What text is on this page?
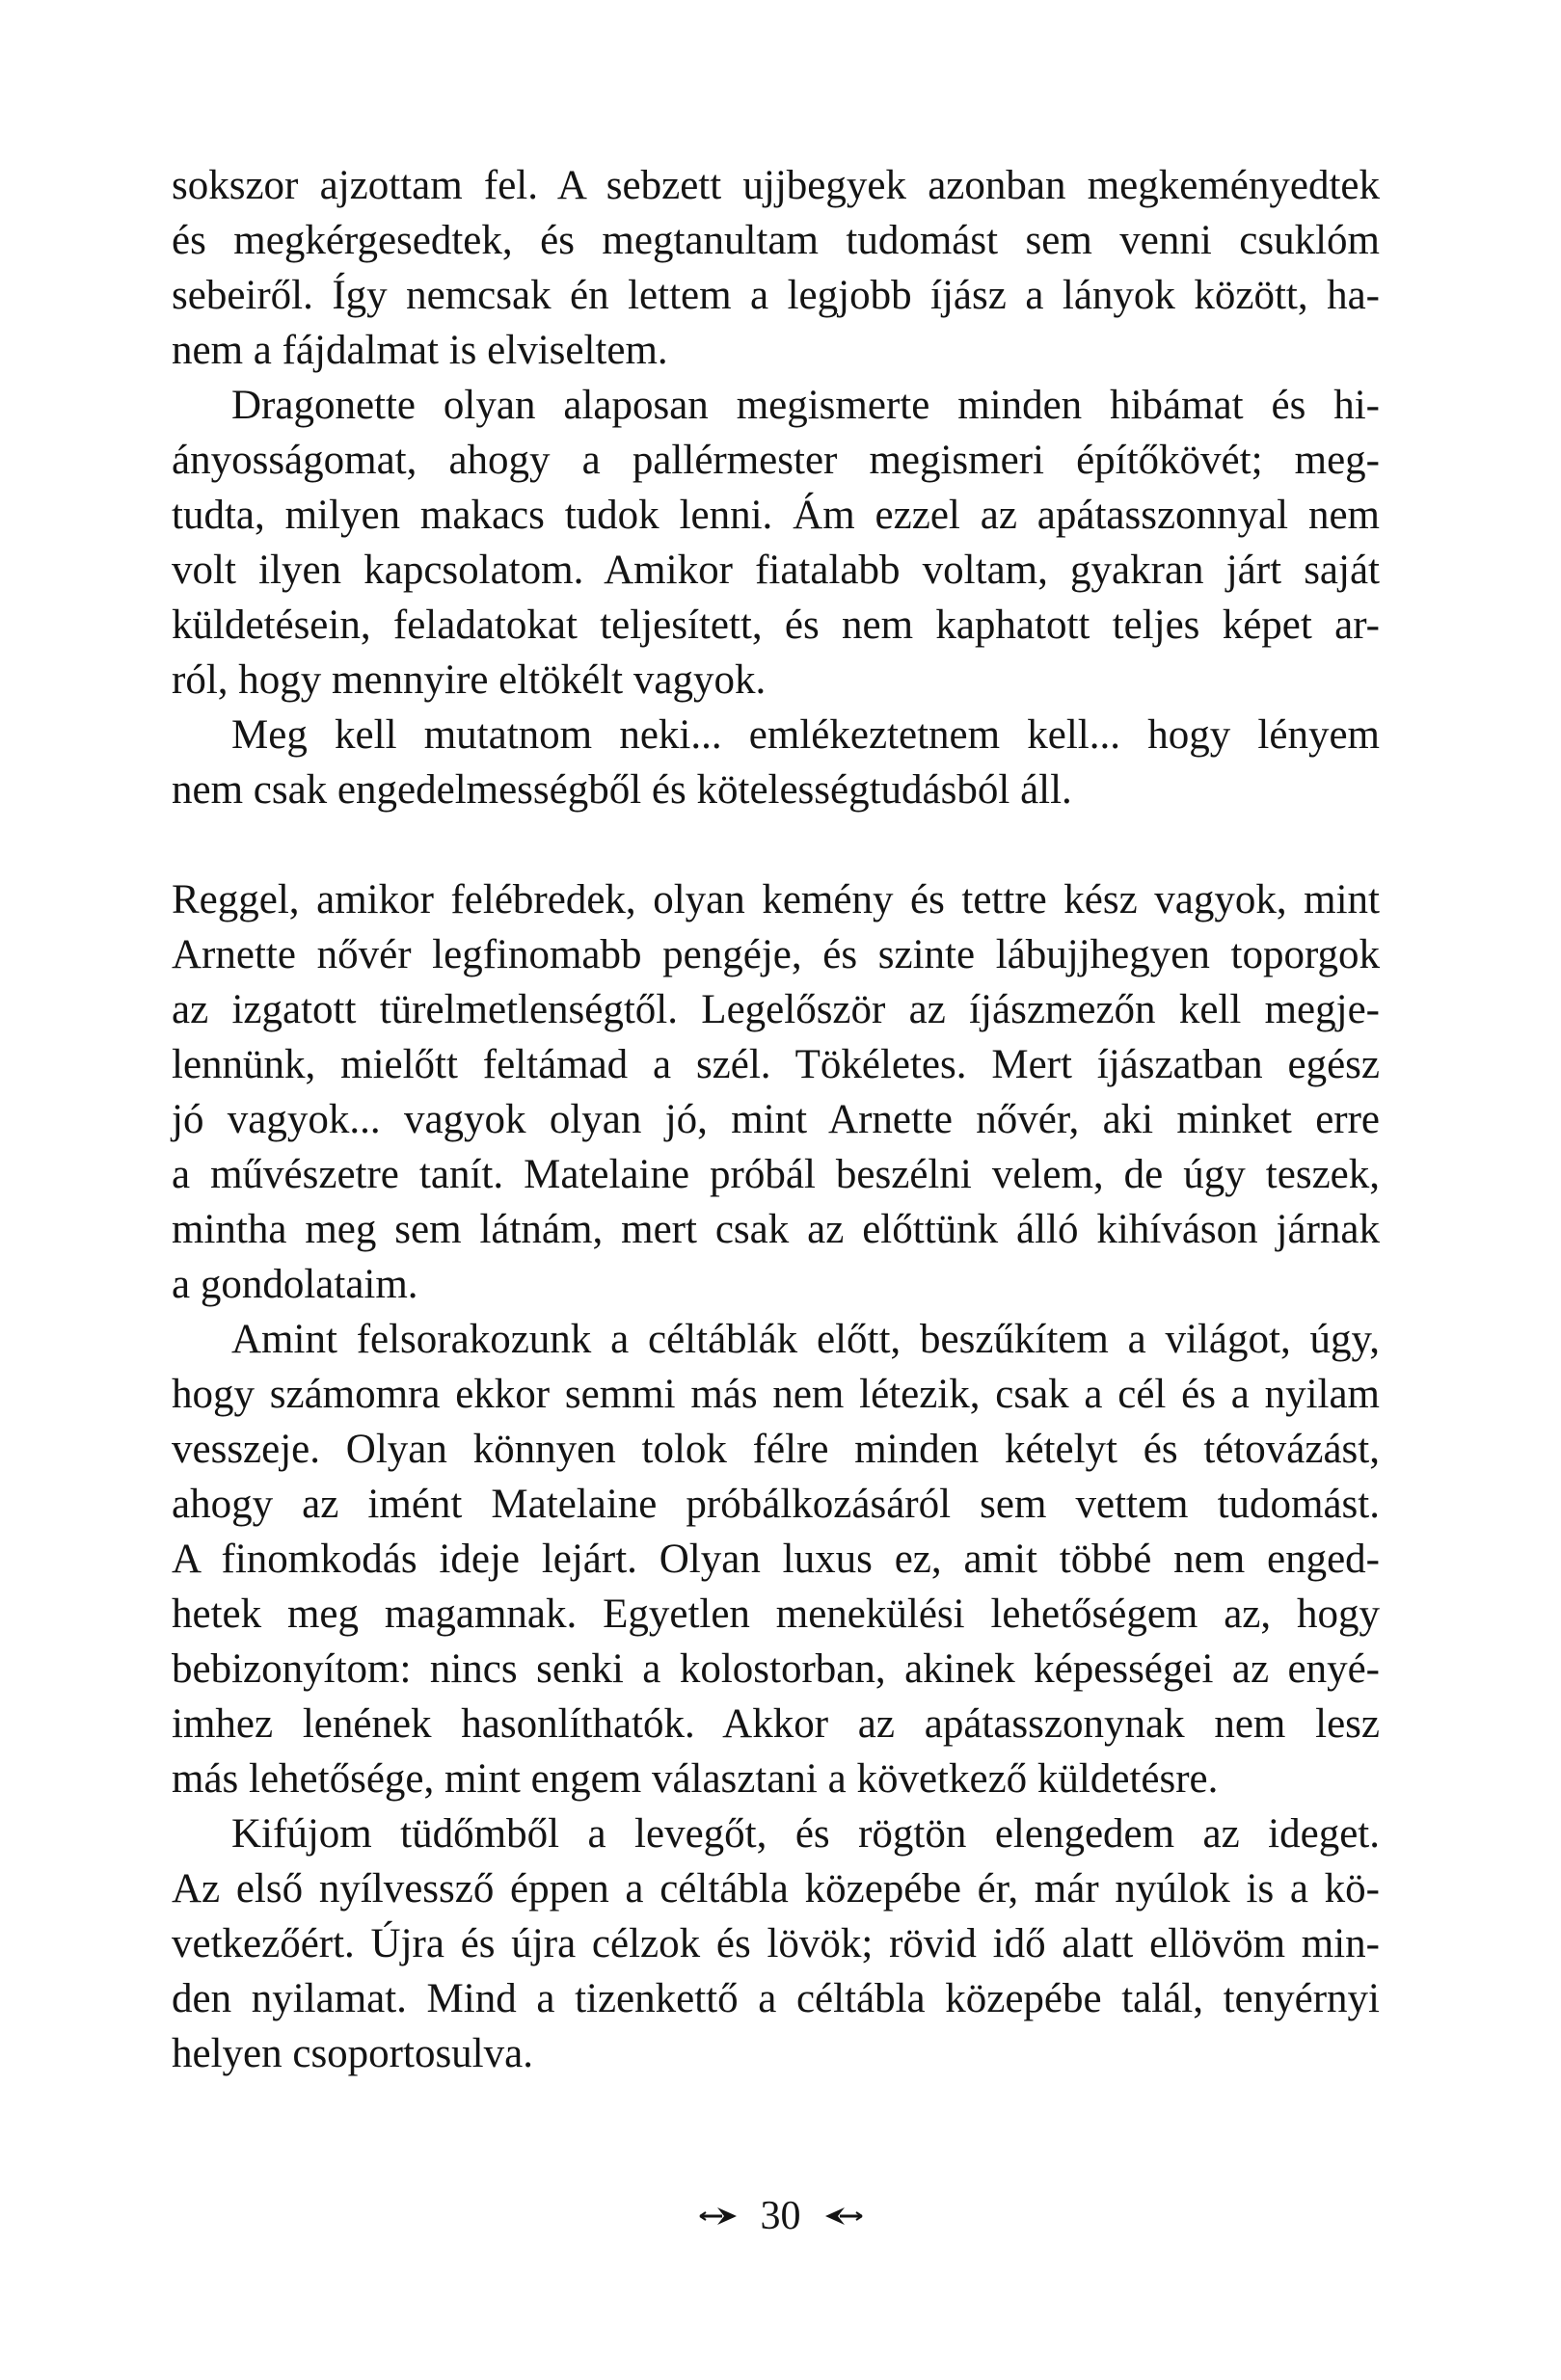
sokszor ajzottam fel. A sebzett ujjbegyek azonban megkeményedtek
és megkérgesedtek, és megtanultam tudomást sem venni csuklóm
sebeiről. Így nemcsak én lettem a legjobb íjász a lányok között, ha-
nem a fájdalmat is elviseltem.
Dragonette olyan alaposan megismerte minden hibámat és hi-
ányosságomat, ahogy a pallérmester megismeri építőkövét; meg-
tudta, milyen makacs tudok lenni. Ám ezzel az apátasszonnyal nem
volt ilyen kapcsolatom. Amikor fiatalabb voltam, gyakran járt saját
küldetésein, feladatokat teljesített, és nem kaphatott teljes képet ar-
ról, hogy mennyire eltökélt vagyok.
Meg kell mutatnom neki... emlékeztetnem kell... hogy lényem
nem csak engedelmességből és kötelességtudásból áll.
Reggel, amikor felébredek, olyan kemény és tettre kész vagyok, mint
Arnette nővér legfinomabb pengéje, és szinte lábujjhegyen toporgok
az izgatott türelmetlenségtől. Legelőször az íjászmezőn kell megje-
lennünk, mielőtt feltámad a szél. Tökéletes. Mert íjászatban egész
jó vagyok... vagyok olyan jó, mint Arnette nővér, aki minket erre
a művészetre tanít. Matelaine próbál beszélni velem, de úgy teszek,
mintha meg sem látnám, mert csak az előttünk álló kihíváson járnak
a gondolataim.
Amint felsorakozunk a céltáblák előtt, beszűkítem a világot, úgy,
hogy számomra ekkor semmi más nem létezik, csak a cél és a nyilam
vesszeje. Olyan könnyen tolok félre minden kételyt és tétovázást,
ahogy az imént Matelaine próbálkozásáról sem vettem tudomást.
A finomkodás ideje lejárt. Olyan luxus ez, amit többé nem enged-
hetek meg magamnak. Egyetlen menekülési lehetőségem az, hogy
bebizonyítom: nincs senki a kolostorban, akinek képességei az enyé-
imhez lenének hasonlíthatók. Akkor az apátasszonynak nem lesz
más lehetősége, mint engem választani a következő küldetésre.
Kifújom tüdőmből a levegőt, és rögtön elengedem az ideget.
Az első nyílvessző éppen a céltábla közepébe ér, már nyúlok is a kö-
vetkezőért. Újra és újra célzok és lövök; rövid idő alatt ellövöm min-
den nyilamat. Mind a tizenkettő a céltábla közepébe talál, tenyérnyi
helyen csoportosulva.
30
